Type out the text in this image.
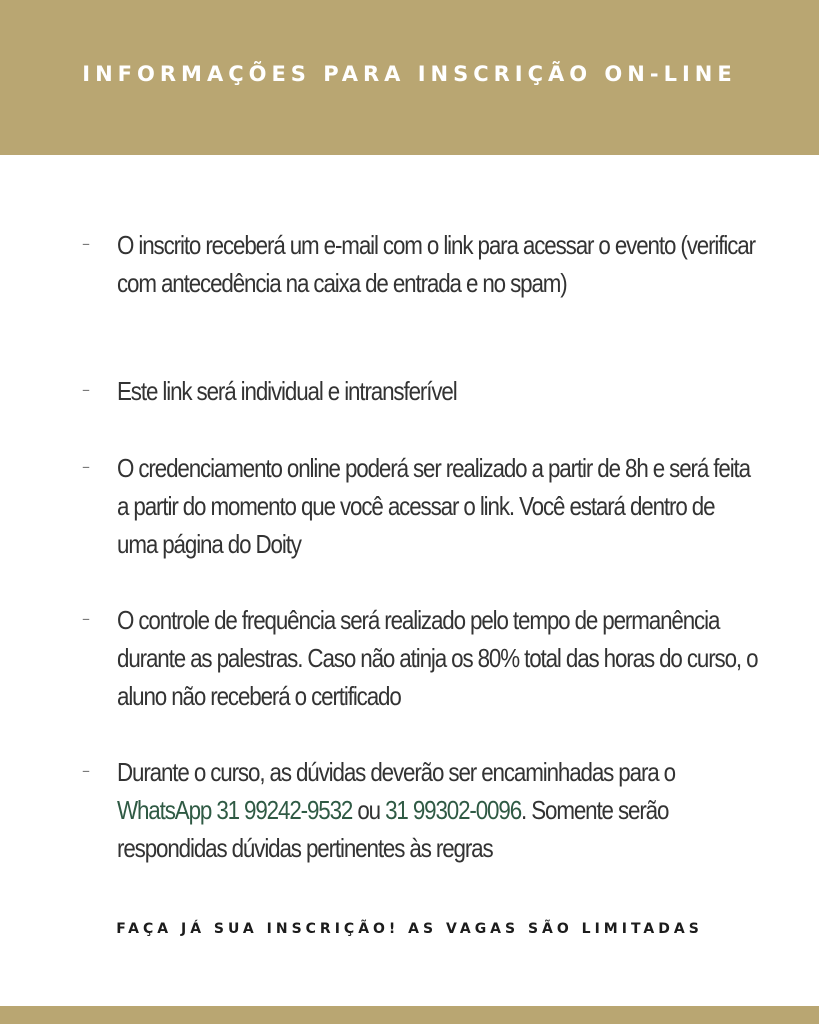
INFORMAÇÕES PARA INSCRIÇÃO ON-LINE
– O inscrito receberá um e-mail com o link para acessar o evento (verificar com antecedência na caixa de entrada e no spam)
– Este link será individual e intransferível
– O credenciamento online poderá ser realizado a partir de 8h e será feita a partir do momento que você acessar o link. Você estará dentro de uma página do Doity
– O controle de frequência será realizado pelo tempo de permanência durante as palestras. Caso não atinja os 80% total das horas do curso, o aluno não receberá o certificado
– Durante o curso, as dúvidas deverão ser encaminhadas para o
WhatsApp 31 99242-9532 ou 31 99302-0096. Somente serão respondidas dúvidas pertinentes às regras
FAÇA JÁ SUA INSCRIÇÃO! AS VAGAS SÃO LIMITADAS
